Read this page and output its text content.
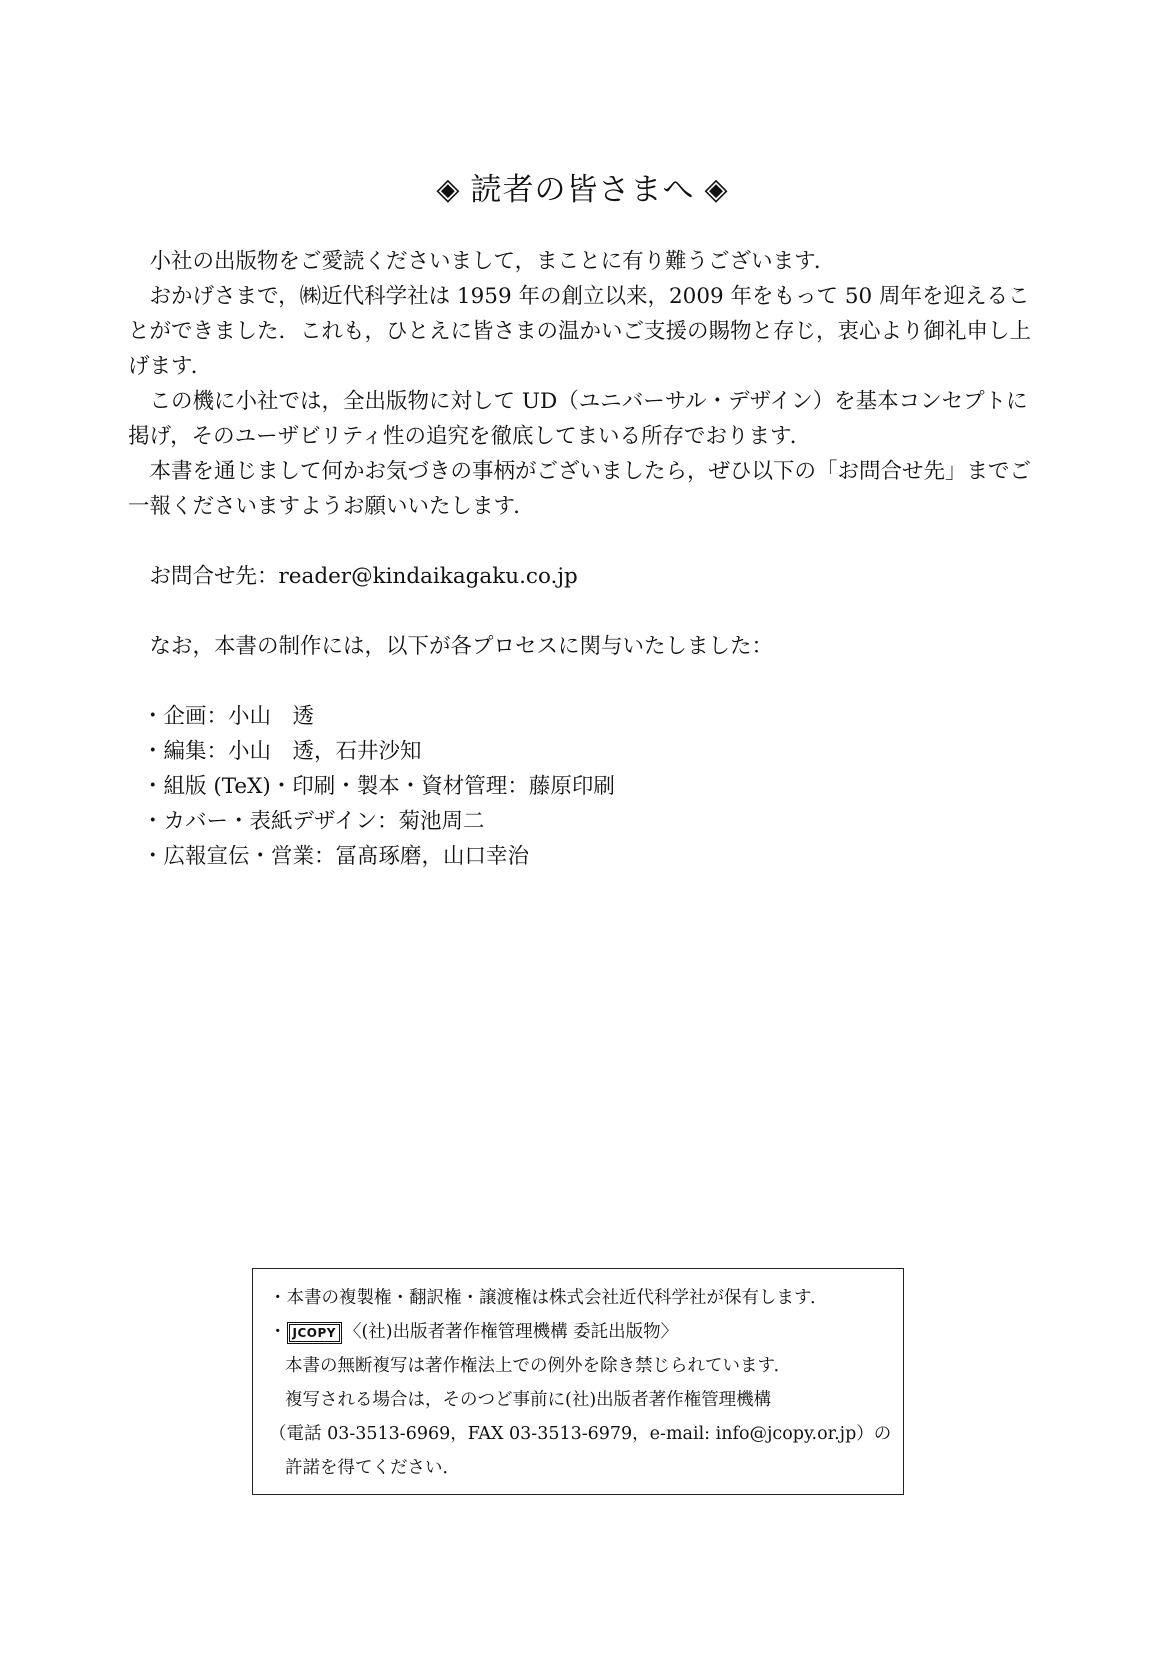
◈ 読者の皆さまへ ◈

小社の出版物をご愛読くださいまして，まことに有り難うございます．

おかげさまで，㈱近代科学社は 1959 年の創立以来，2009 年をもって 50 周年を迎えることができました．これも，ひとえに皆さまの温かいご支援の賜物と存じ，衷心より御礼申し上げます．

この機に小社では，全出版物に対して UD（ユニバーサル・デザイン）を基本コンセプトに掲げ，そのユーザビリティ性の追究を徹底してまいる所存でおります．

本書を通じまして何かお気づきの事柄がございましたら，ぜひ以下の「お問合せ先」までご一報くださいますようお願いいたします．

お問合せ先：reader@kindaikagaku.co.jp

なお，本書の制作には，以下が各プロセスに関与いたしました：

・企画：小山　透
・編集：小山　透，石井沙知
・組版 (TeX)・印刷・製本・資材管理：藤原印刷
・カバー・表紙デザイン：菊池周二
・広報宣伝・営業：冨髙琢磨，山口幸治

・本書の複製権・翻訳権・譲渡権は株式会社近代科学社が保有します．

・ JCOPY 〈(社)出版者著作権管理機構 委託出版物〉

本書の無断複写は著作権法上での例外を除き禁じられています．

複写される場合は，そのつど事前に(社)出版者著作権管理機構

（電話 03-3513-6969，FAX 03-3513-6979，e-mail: info@jcopy.or.jp）の

許諾を得てください．
